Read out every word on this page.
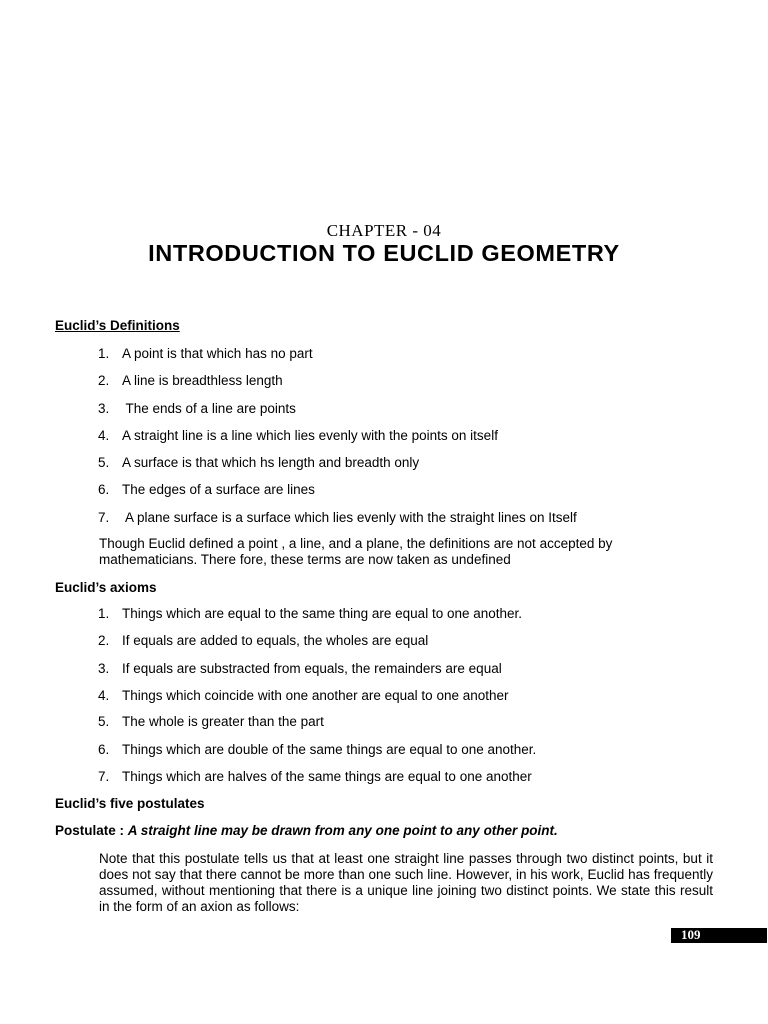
CHAPTER - 04
INTRODUCTION TO EUCLID GEOMETRY
Euclid’s Definitions
1. A point is that which has no part
2. A line is breadthless length
3. The ends of a line are points
4. A straight line is a line which lies evenly with the points on itself
5. A surface is that which hs length and breadth only
6. The edges of a surface are lines
7. A plane surface is a surface which lies evenly with the straight lines on Itself
Though Euclid defined a point , a line, and a plane, the definitions are not accepted by mathematicians. There fore, these terms are now taken as undefined
Euclid’s axioms
1. Things which are equal to the same thing are equal to one another.
2. If equals are added to equals, the wholes are equal
3. If equals are substracted from equals, the remainders are equal
4. Things which coincide with one another are equal to one another
5. The whole is greater than the part
6. Things which are double of the same things are equal to one another.
7. Things which are halves of the same things are equal to one another
Euclid’s five postulates
Postulate : A straight line may be drawn from any one point to any other point.
Note that this postulate tells us that at least one straight line passes through two distinct points, but it does not say that there cannot be more than one such line. However, in his work, Euclid has frequently assumed, without mentioning that there is a unique line joining two distinct points. We state this result in the form of an axion as follows:
109
